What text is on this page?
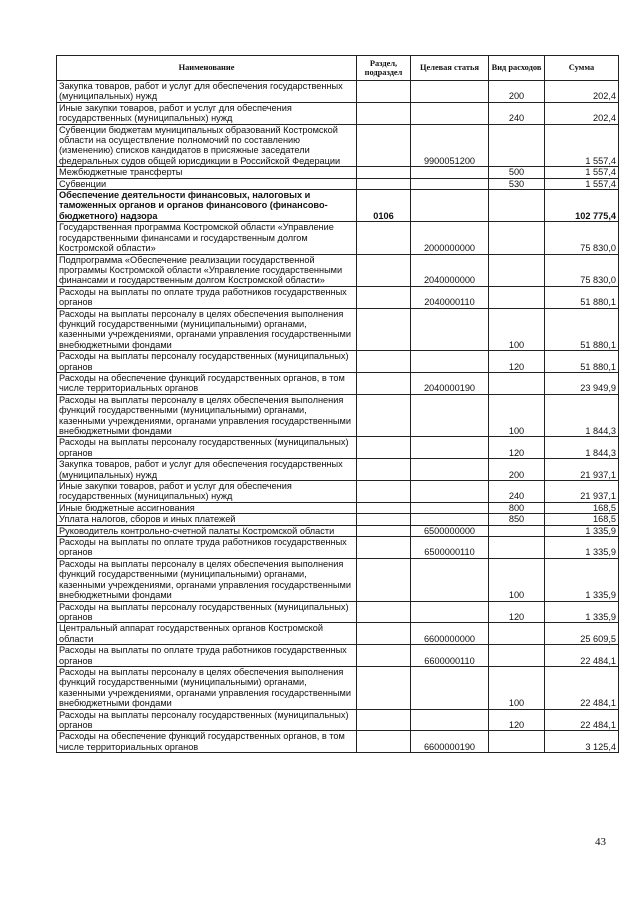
Наименование	Раздел, подраздел	Целевая статья	Вид расходов	Сумма
Закупка товаров, работ и услуг для обеспечения государственных (муниципальных) нужд			200	202,4
Иные закупки товаров, работ и услуг для обеспечения государственных (муниципальных) нужд			240	202,4
Субвенции бюджетам муниципальных образований Костромской области на осуществление полномочий по составлению (изменению) списков кандидатов в присяжные заседатели федеральных судов общей юрисдикции в Российской Федерации		9900051200		1 557,4
Межбюджетные трансферты			500	1 557,4
Субвенции			530	1 557,4
Обеспечение деятельности финансовых, налоговых и таможенных органов и органов финансового (финансово-бюджетного) надзора	0106			102 775,4
Государственная программа Костромской области «Управление государственными финансами и государственным долгом Костромской области»		2000000000		75 830,0
Подпрограмма «Обеспечение реализации государственной программы Костромской области «Управление государственными финансами и государственным долгом Костромской области»		2040000000		75 830,0
Расходы на выплаты по оплате труда работников государственных органов		2040000110		51 880,1
Расходы на выплаты персоналу в целях обеспечения выполнения функций государственными (муниципальными) органами, казенными учреждениями, органами управления государственными внебюджетными фондами			100	51 880,1
Расходы на выплаты персоналу государственных (муниципальных) органов			120	51 880,1
Расходы на обеспечение функций государственных органов, в том числе территориальных органов		2040000190		23 949,9
Расходы на выплаты персоналу в целях обеспечения выполнения функций государственными (муниципальными) органами, казенными учреждениями, органами управления государственными внебюджетными фондами			100	1 844,3
Расходы на выплаты персоналу государственных (муниципальных) органов			120	1 844,3
Закупка товаров, работ и услуг для обеспечения государственных (муниципальных) нужд			200	21 937,1
Иные закупки товаров, работ и услуг для обеспечения государственных (муниципальных) нужд			240	21 937,1
Иные бюджетные ассигнования			800	168,5
Уплата налогов, сборов и иных платежей			850	168,5
Руководитель контрольно-счетной палаты Костромской области		6500000000		1 335,9
Расходы на выплаты по оплате труда работников государственных органов		6500000110		1 335,9
Расходы на выплаты персоналу в целях обеспечения выполнения функций государственными (муниципальными) органами, казенными учреждениями, органами управления государственными внебюджетными фондами			100	1 335,9
Расходы на выплаты персоналу государственных (муниципальных) органов			120	1 335,9
Центральный аппарат государственных органов Костромской области		6600000000		25 609,5
Расходы на выплаты по оплате труда работников государственных органов		6600000110		22 484,1
Расходы на выплаты персоналу в целях обеспечения выполнения функций государственными (муниципальными) органами, казенными учреждениями, органами управления государственными внебюджетными фондами			100	22 484,1
Расходы на выплаты персоналу государственных (муниципальных) органов			120	22 484,1
Расходы на обеспечение функций государственных органов, в том числе территориальных органов		6600000190		3 125,4
43
